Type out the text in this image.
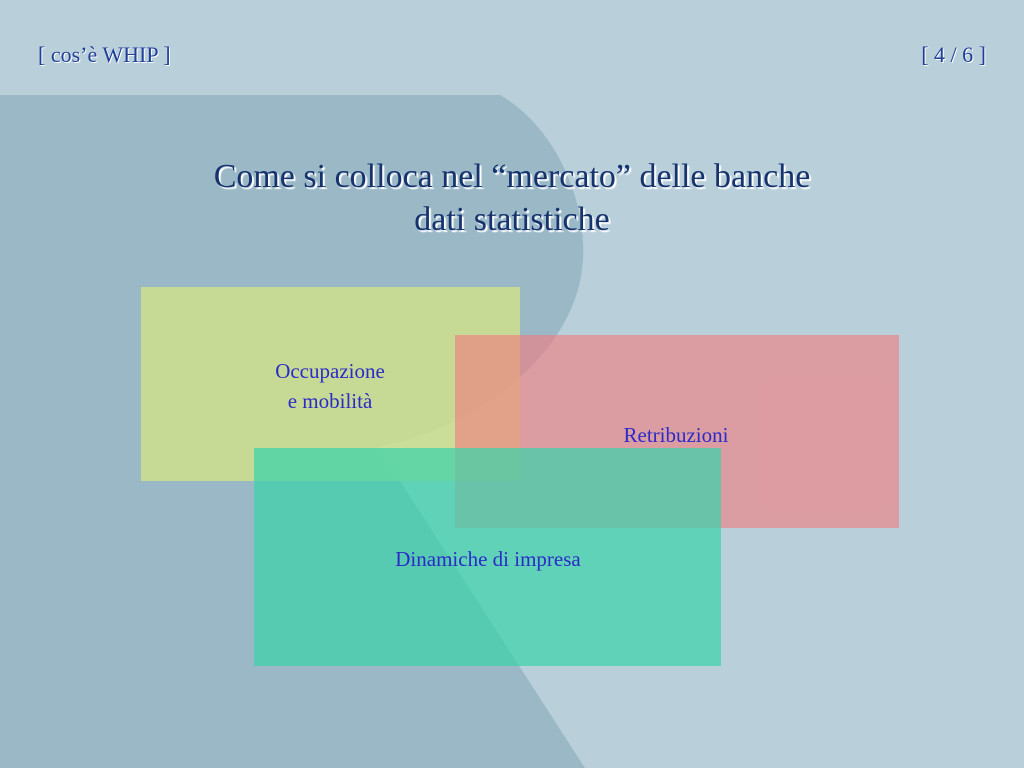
[ cos’è WHIP ]	[ 4 / 6 ]
Come si colloca nel “mercato” delle banche
dati statistiche
Occupazione
e mobilità
Retribuzioni
Dinamiche di impresa
